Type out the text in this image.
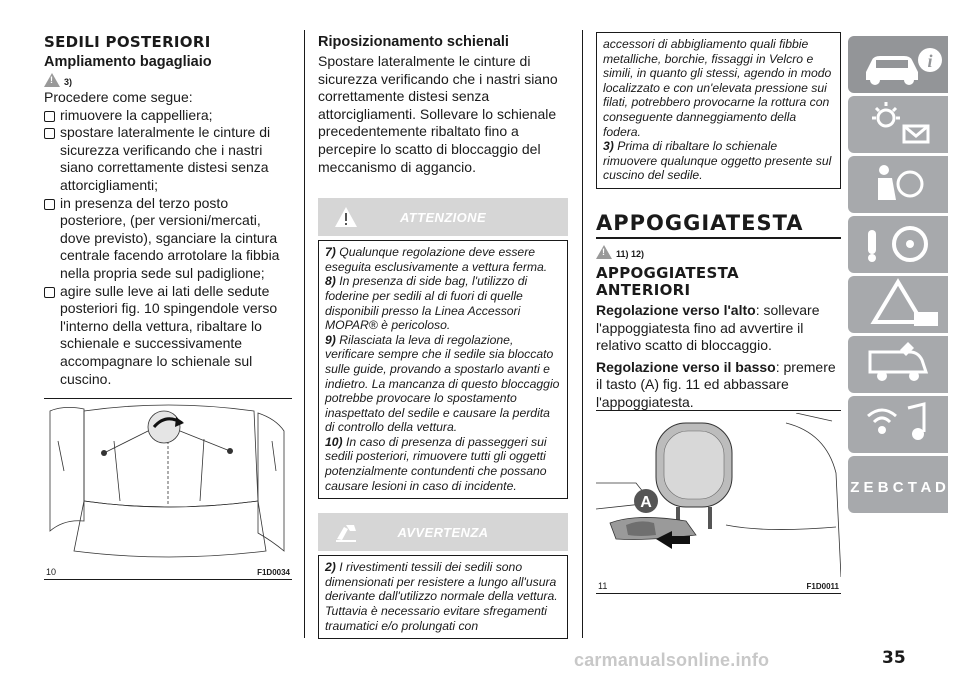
SEDILI POSTERIORI
Ampliamento bagagliaio
!
3)
Procedere come segue:
rimuovere la cappelliera;
spostare lateralmente le cinture di sicurezza verificando che i nastri siano correttamente distesi senza attorcigliamenti;
in presenza del terzo posto posteriore, (per versioni/mercati, dove previsto), sganciare la cintura centrale facendo arrotolare la fibbia nella propria sede sul padiglione;
agire sulle leve ai lati delle sedute posteriori fig. 10 spingendole verso l'interno della vettura, ribaltare lo schienale e successivamente accompagnare lo schienale sul cuscino.
10	F1D0034
Riposizionamento schienali
Spostare lateralmente le cinture di sicurezza verificando che i nastri siano correttamente distesi senza attorcigliamenti. Sollevare lo schienale precedentemente ribaltato fino a percepire lo scatto di bloccaggio del meccanismo di aggancio.
ATTENZIONE
7) Qualunque regolazione deve essere eseguita esclusivamente a vettura ferma.
8) In presenza di side bag, l'utilizzo di foderine per sedili al di fuori di quelle disponibili presso la Linea Accessori MOPAR® è pericoloso.
9) Rilasciata la leva di regolazione, verificare sempre che il sedile sia bloccato sulle guide, provando a spostarlo avanti e indietro. La mancanza di questo bloccaggio potrebbe provocare lo spostamento inaspettato del sedile e causare la perdita di controllo della vettura.
10) In caso di presenza di passeggeri sui sedili posteriori, rimuovere tutti gli oggetti potenzialmente contundenti che possano causare lesioni in caso di incidente.
AVVERTENZA
2) I rivestimenti tessili dei sedili sono dimensionati per resistere a lungo all'usura derivante dall'utilizzo normale della vettura. Tuttavia è necessario evitare sfregamenti traumatici e/o prolungati con
accessori di abbigliamento quali fibbie metalliche, borchie, fissaggi in Velcro e simili, in quanto gli stessi, agendo in modo localizzato e con un'elevata pressione sui filati, potrebbero provocarne la rottura con conseguente danneggiamento della fodera.
3) Prima di ribaltare lo schienale rimuovere qualunque oggetto presente sul cuscino del sedile.
APPOGGIATESTA
!
11) 12)
APPOGGIATESTA ANTERIORI
Regolazione verso l'alto: sollevare l'appoggiatesta fino ad avvertire il relativo scatto di bloccaggio.
Regolazione verso il basso: premere il tasto (A) fig. 11 ed abbassare l'appoggiatesta.
A
11	F1D0011
i
Z E B C T A D
35
carmanualsonline.info
